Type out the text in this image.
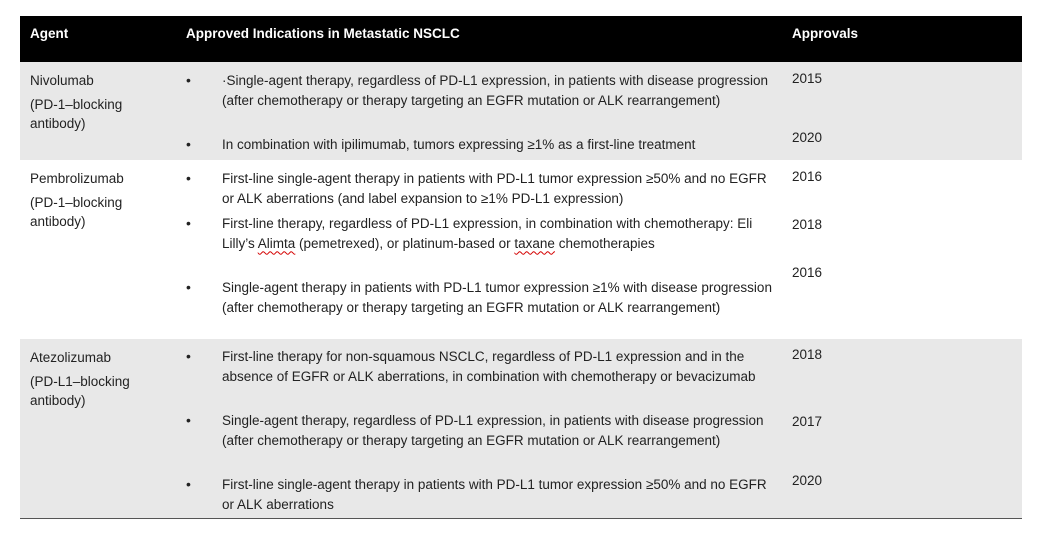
Agent	Approved Indications in Metastatic NSCLC	Approvals
Nivolumab
(PD-1–blocking antibody)
• ·Single-agent therapy, regardless of PD-L1 expression, in patients with disease progression (after chemotherapy or therapy targeting an EGFR mutation or ALK rearrangement)
• In combination with ipilimumab, tumors expressing ≥1% as a first-line treatment
2015
2020
Pembrolizumab
(PD-1–blocking antibody)
• First-line single-agent therapy in patients with PD-L1 tumor expression ≥50% and no EGFR or ALK aberrations (and label expansion to ≥1% PD-L1 expression)
• First-line therapy, regardless of PD-L1 expression, in combination with chemotherapy: Eli Lilly’s Alimta (pemetrexed), or platinum-based or taxane chemotherapies
• Single-agent therapy in patients with PD-L1 tumor expression ≥1% with disease progression (after chemotherapy or therapy targeting an EGFR mutation or ALK rearrangement)
2016
2018
2016
Atezolizumab
(PD-L1–blocking antibody)
• First-line therapy for non-squamous NSCLC, regardless of PD-L1 expression and in the absence of EGFR or ALK aberrations, in combination with chemotherapy or bevacizumab
• Single-agent therapy, regardless of PD-L1 expression, in patients with disease progression (after chemotherapy or therapy targeting an EGFR mutation or ALK rearrangement)
• First-line single-agent therapy in patients with PD-L1 tumor expression ≥50% and no EGFR or ALK aberrations
2018
2017
2020
